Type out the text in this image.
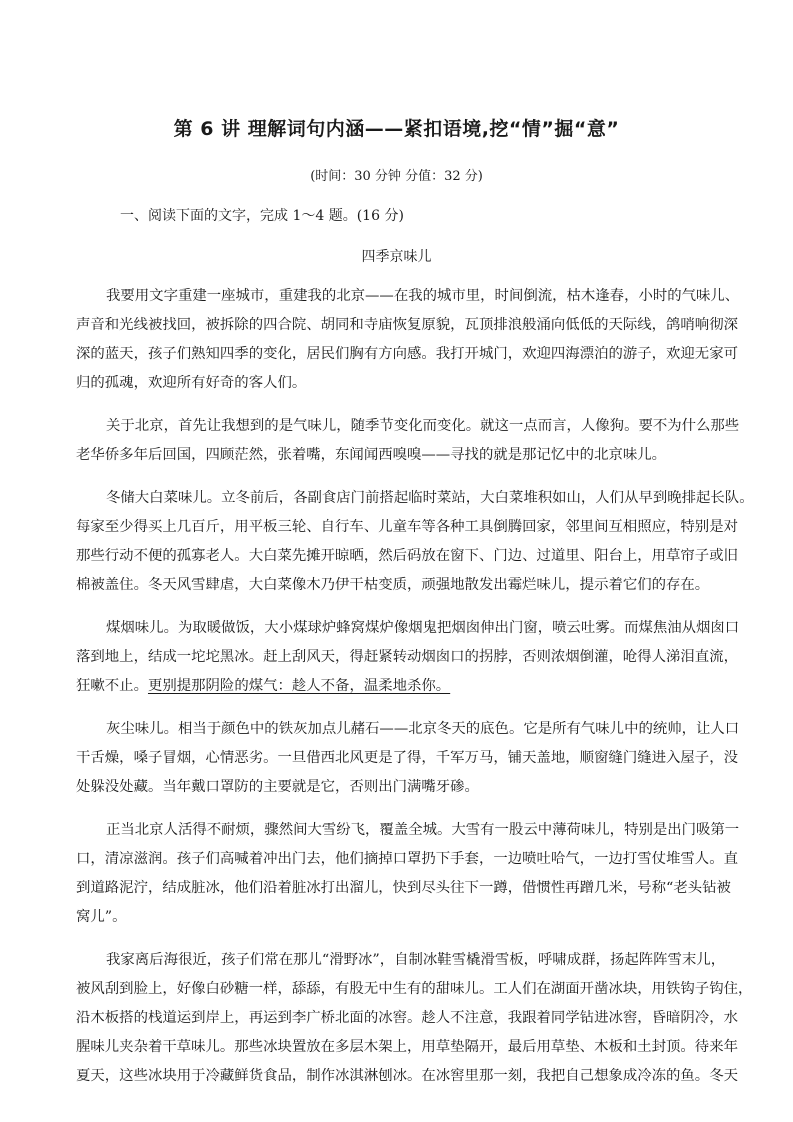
第 6 讲 理解词句内涵——紧扣语境,挖“情”掘“意”
(时间：30 分钟 分值：32 分)
一、阅读下面的文字，完成 1～4 题。(16 分)
四季京味儿
我要用文字重建一座城市，重建我的北京——在我的城市里，时间倒流，枯木逢春，小时的气味儿、
声音和光线被找回，被拆除的四合院、胡同和寺庙恢复原貌，瓦顶排浪般涌向低低的天际线，鸽哨响彻深
深的蓝天，孩子们熟知四季的变化，居民们胸有方向感。我打开城门，欢迎四海漂泊的游子，欢迎无家可
归的孤魂，欢迎所有好奇的客人们。
关于北京，首先让我想到的是气味儿，随季节变化而变化。就这一点而言，人像狗。要不为什么那些
老华侨多年后回国，四顾茫然，张着嘴，东闻闻西嗅嗅——寻找的就是那记忆中的北京味儿。
冬储大白菜味儿。立冬前后，各副食店门前搭起临时菜站，大白菜堆积如山，人们从早到晚排起长队。
每家至少得买上几百斤，用平板三轮、自行车、儿童车等各种工具倒腾回家，邻里间互相照应，特别是对
那些行动不便的孤寡老人。大白菜先摊开晾晒，然后码放在窗下、门边、过道里、阳台上，用草帘子或旧
棉被盖住。冬天风雪肆虐，大白菜像木乃伊干枯变质，顽强地散发出霉烂味儿，提示着它们的存在。
煤烟味儿。为取暖做饭，大小煤球炉蜂窝煤炉像烟鬼把烟囱伸出门窗，喷云吐雾。而煤焦油从烟囱口
落到地上，结成一坨坨黑冰。赶上刮风天，得赶紧转动烟囱口的拐脖，否则浓烟倒灌，呛得人涕泪直流，
狂嗽不止。更别提那阴险的煤气：趁人不备，温柔地杀你。
灰尘味儿。相当于颜色中的铁灰加点儿赭石——北京冬天的底色。它是所有气味儿中的统帅，让人口
干舌燥，嗓子冒烟，心情恶劣。一旦借西北风更是了得，千军万马，铺天盖地，顺窗缝门缝进入屋子，没
处躲没处藏。当年戴口罩防的主要就是它，否则出门满嘴牙碜。
正当北京人活得不耐烦，骤然间大雪纷飞，覆盖全城。大雪有一股云中薄荷味儿，特别是出门吸第一
口，清凉滋润。孩子们高喊着冲出门去，他们摘掉口罩扔下手套，一边喷吐哈气，一边打雪仗堆雪人。直
到道路泥泞，结成脏冰，他们沿着脏冰打出溜儿，快到尽头往下一蹲，借惯性再蹭几米，号称“老头钻被
窝儿”。
我家离后海很近，孩子们常在那儿“滑野冰”，自制冰鞋雪橇滑雪板，呼啸成群，扬起阵阵雪末儿，
被风刮到脸上，好像白砂糖一样，舔舔，有股无中生有的甜味儿。工人们在湖面开凿冰块，用铁钩子钩住，
沿木板搭的栈道运到岸上，再运到李广桥北面的冰窖。趁人不注意，我跟着同学钻进冰窖，昏暗阴冷，水
腥味儿夹杂着干草味儿。那些冰块置放在多层木架上，用草垫隔开，最后用草垫、木板和土封顶。待来年
夏天，这些冰块用于冷藏鲜货食品，制作冰淇淋刨冰。在冰窖里那一刻，我把自己想象成冷冻的鱼。冬天
